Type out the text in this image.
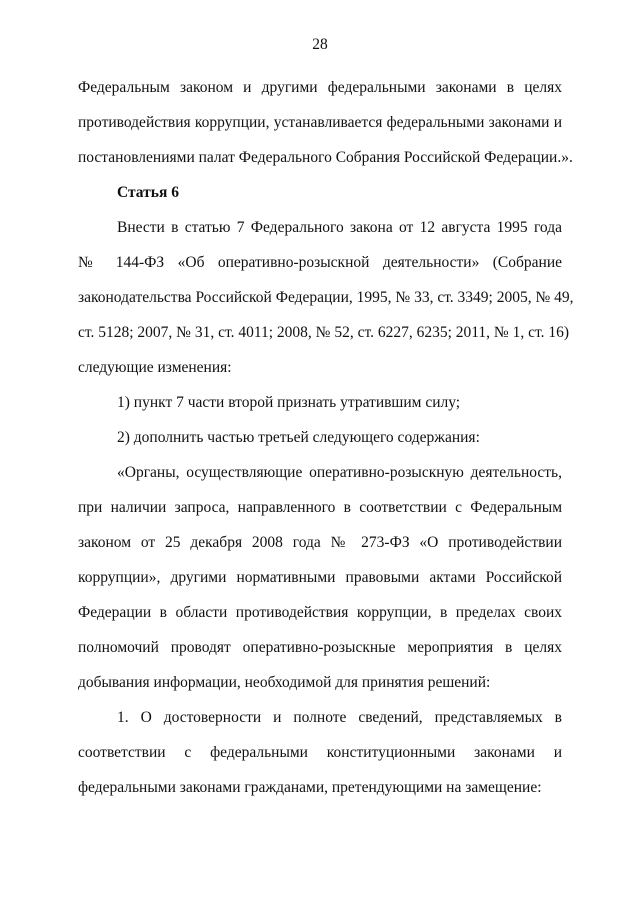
28
Федеральным законом и другими федеральными законами в целях
противодействия коррупции, устанавливается федеральными законами и
постановлениями палат Федерального Собрания Российской Федерации.».
Статья 6
Внести в статью 7 Федерального закона от 12 августа 1995 года
№ 144-ФЗ «Об оперативно-розыскной деятельности» (Собрание
законодательства Российской Федерации, 1995, № 33, ст. 3349; 2005, № 49,
ст. 5128; 2007, № 31, ст. 4011; 2008, № 52, ст. 6227, 6235; 2011, № 1, ст. 16)
следующие изменения:
1) пункт 7 части второй признать утратившим силу;
2) дополнить частью третьей следующего содержания:
«Органы, осуществляющие оперативно-розыскную деятельность,
при наличии запроса, направленного в соответствии с Федеральным
законом от 25 декабря 2008 года № 273-ФЗ «О противодействии
коррупции», другими нормативными правовыми актами Российской
Федерации в области противодействия коррупции, в пределах своих
полномочий проводят оперативно-розыскные мероприятия в целях
добывания информации, необходимой для принятия решений:
1. О достоверности и полноте сведений, представляемых в
соответствии с федеральными конституционными законами и
федеральными законами гражданами, претендующими на замещение:
